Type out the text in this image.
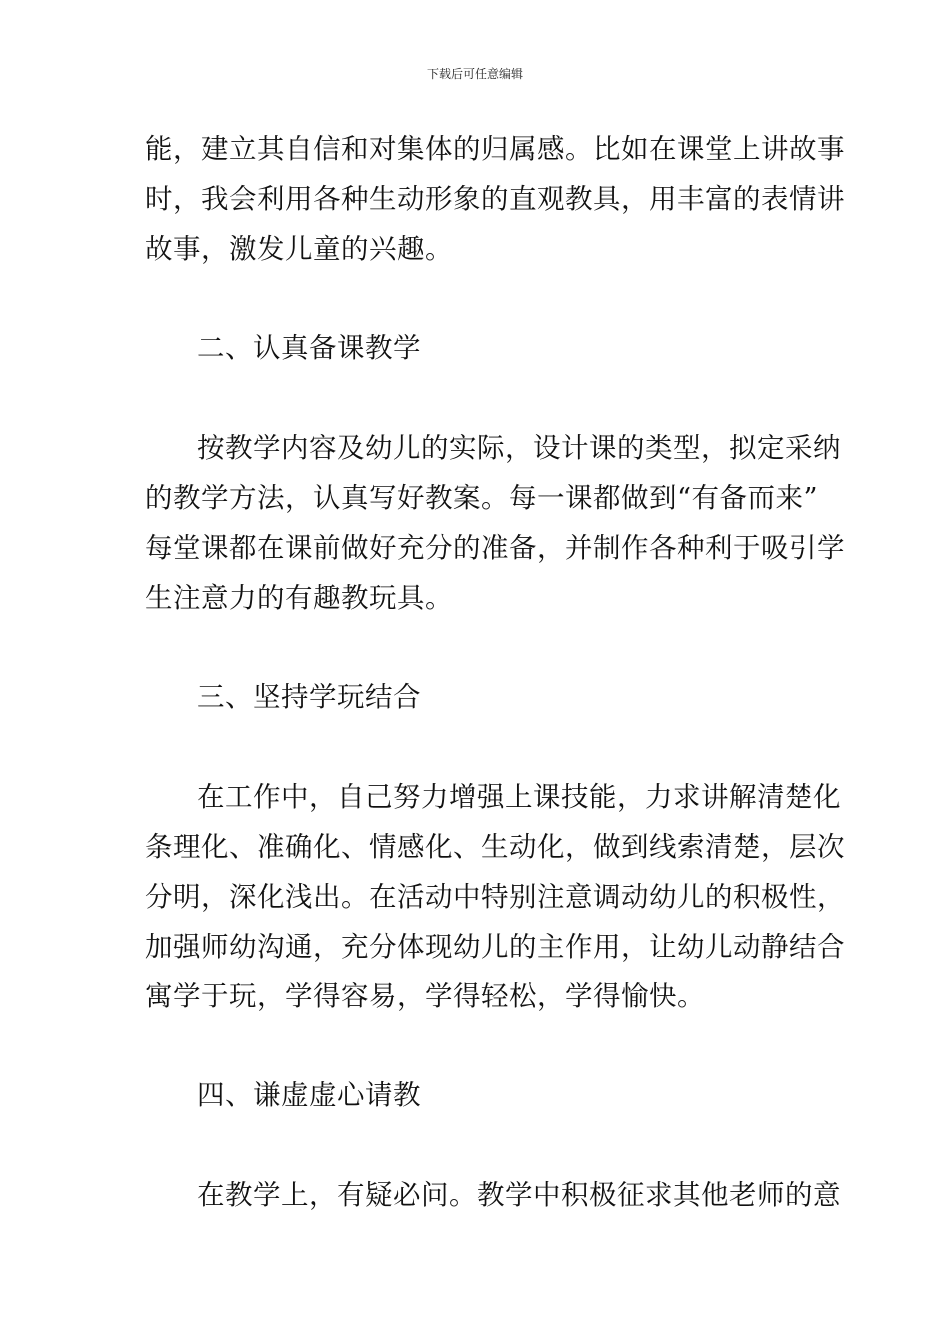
下载后可任意编辑
能，建立其自信和对集体的归属感。比如在课堂上讲故事
时，我会利用各种生动形象的直观教具，用丰富的表情讲
故事，激发儿童的兴趣。
二、认真备课教学
按教学内容及幼儿的实际，设计课的类型，拟定采纳
的教学方法，认真写好教案。每一课都做到“有备而来”
每堂课都在课前做好充分的准备，并制作各种利于吸引学
生注意力的有趣教玩具。
三、坚持学玩结合
在工作中，自己努力增强上课技能，力求讲解清楚化
条理化、准确化、情感化、生动化，做到线索清楚，层次
分明，深化浅出。在活动中特别注意调动幼儿的积极性，
加强师幼沟通，充分体现幼儿的主作用，让幼儿动静结合
寓学于玩，学得容易，学得轻松，学得愉快。
四、谦虚虚心请教
在教学上，有疑必问。教学中积极征求其他老师的意
